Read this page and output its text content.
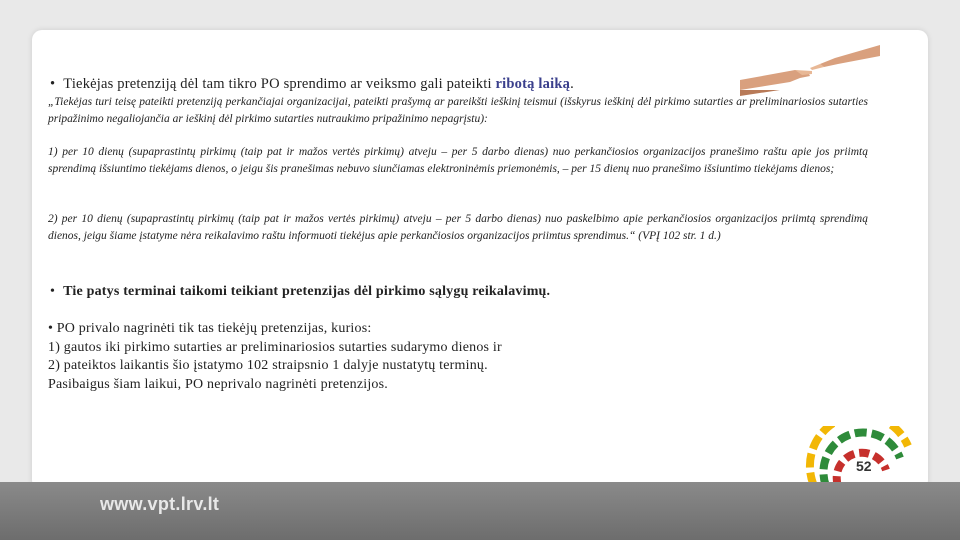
• Tiekėjas pretenziją dėl tam tikro PO sprendimo ar veiksmo gali pateikti ribotą laiką.
„Tiekėjas turi teisę pateikti pretenziją perkančiajai organizacijai, pateikti prašymą ar pareikšti ieškinį teismui (išskyrus ieškinį dėl pirkimo sutarties ar preliminariosios sutarties pripažinimo negaliojančia ar ieškinį dėl pirkimo sutarties nutraukimo pripažinimo nepagrįstu):
1) per 10 dienų (supaprastintų pirkimų (taip pat ir mažos vertės pirkimų) atveju – per 5 darbo dienas) nuo perkančiosios organizacijos pranešimo raštu apie jos priimtą sprendimą išsiuntimo tiekėjams dienos, o jeigu šis pranešimas nebuvo siunčiamas elektroninėmis priemonėmis, – per 15 dienų nuo pranešimo išsiuntimo tiekėjams dienos;
2) per 10 dienų (supaprastintų pirkimų (taip pat ir mažos vertės pirkimų) atveju – per 5 darbo dienas) nuo paskelbimo apie perkančiosios organizacijos priimtą sprendimą dienos, jeigu šiame įstatyme nėra reikalavimo raštu informuoti tiekėjus apie perkančiosios organizacijos priimtus sprendimus.“ (VPĮ 102 str. 1 d.)
• Tie patys terminai taikomi teikiant pretenzijas dėl pirkimo sąlygų reikalavimų.
• PO privalo nagrinėti tik tas tiekėjų pretenzijas, kurios:
1) gautos iki pirkimo sutarties ar preliminariosios sutarties sudarymo dienos ir
2) pateiktos laikantis šio įstatymo 102 straipsnio 1 dalyje nustatytų terminų.
Pasibaigus šiam laikui, PO neprivalo nagrinėti pretenzijos.
52
www.vpt.lrv.lt
